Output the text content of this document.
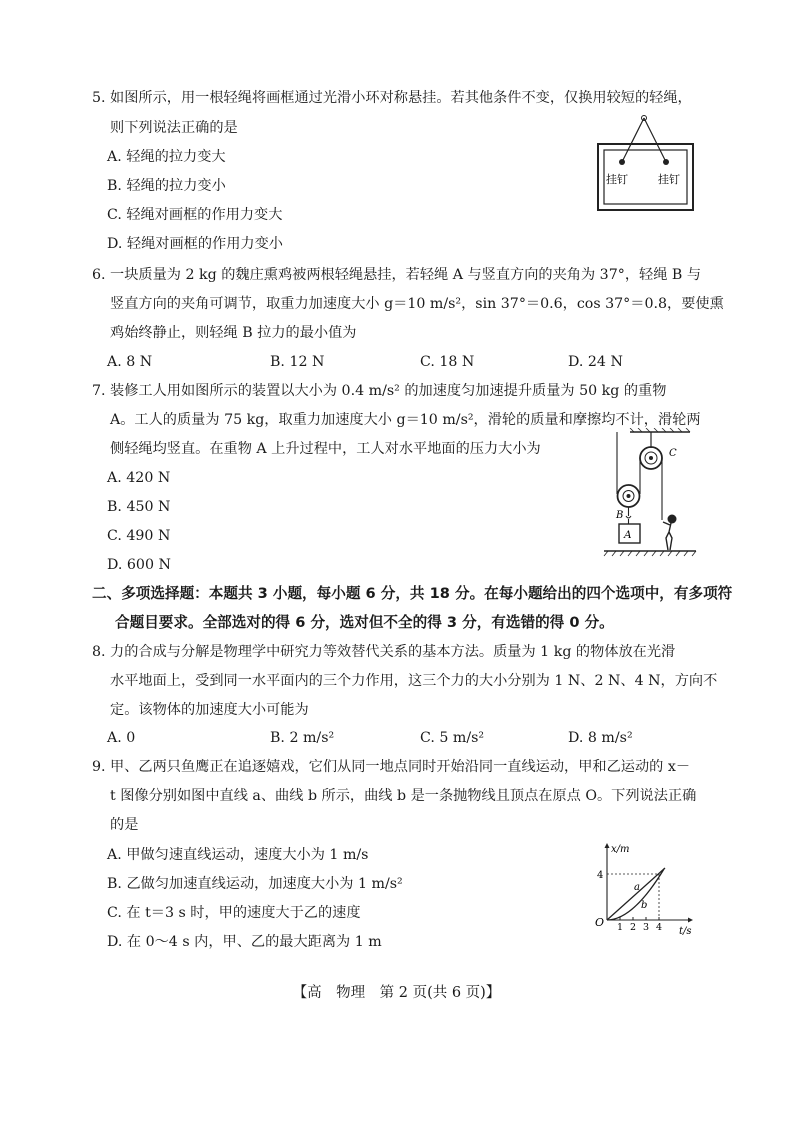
5. 如图所示，用一根轻绳将画框通过光滑小环对称悬挂。若其他条件不变，仅换用较短的轻绳，
则下列说法正确的是
A. 轻绳的拉力变大
B. 轻绳的拉力变小
C. 轻绳对画框的作用力变大
D. 轻绳对画框的作用力变小
挂钉	挂钉
6. 一块质量为 2 kg 的魏庄熏鸡被两根轻绳悬挂，若轻绳 A 与竖直方向的夹角为 37°，轻绳 B 与
竖直方向的夹角可调节，取重力加速度大小 g＝10 m/s²，sin 37°＝0.6，cos 37°＝0.8，要使熏
鸡始终静止，则轻绳 B 拉力的最小值为
A. 8 N	B. 12 N	C. 18 N	D. 24 N
7. 装修工人用如图所示的装置以大小为 0.4 m/s² 的加速度匀加速提升质量为 50 kg 的重物
A。工人的质量为 75 kg，取重力加速度大小 g＝10 m/s²，滑轮的质量和摩擦均不计，滑轮两
侧轻绳均竖直。在重物 A 上升过程中，工人对水平地面的压力大小为
A. 420 N
B. 450 N
C. 490 N
D. 600 N
C
B
A
二、多项选择题：本题共 3 小题，每小题 6 分，共 18 分。在每小题给出的四个选项中，有多项符
合题目要求。全部选对的得 6 分，选对但不全的得 3 分，有选错的得 0 分。
8. 力的合成与分解是物理学中研究力等效替代关系的基本方法。质量为 1 kg 的物体放在光滑
水平地面上，受到同一水平面内的三个力作用，这三个力的大小分别为 1 N、2 N、4 N，方向不
定。该物体的加速度大小可能为
A. 0	B. 2 m/s²	C. 5 m/s²	D. 8 m/s²
9. 甲、乙两只鱼鹰正在追逐嬉戏，它们从同一地点同时开始沿同一直线运动，甲和乙运动的 x－
t 图像分别如图中直线 a、曲线 b 所示，曲线 b 是一条抛物线且顶点在原点 O。下列说法正确
的是
A. 甲做匀速直线运动，速度大小为 1 m/s
B. 乙做匀加速直线运动，加速度大小为 1 m/s²
C. 在 t＝3 s 时，甲的速度大于乙的速度
D. 在 0～4 s 内，甲、乙的最大距离为 1 m
x/m
t/s
O
4
1 2 3 4
a
b
【高　物理　第 2 页(共 6 页)】
